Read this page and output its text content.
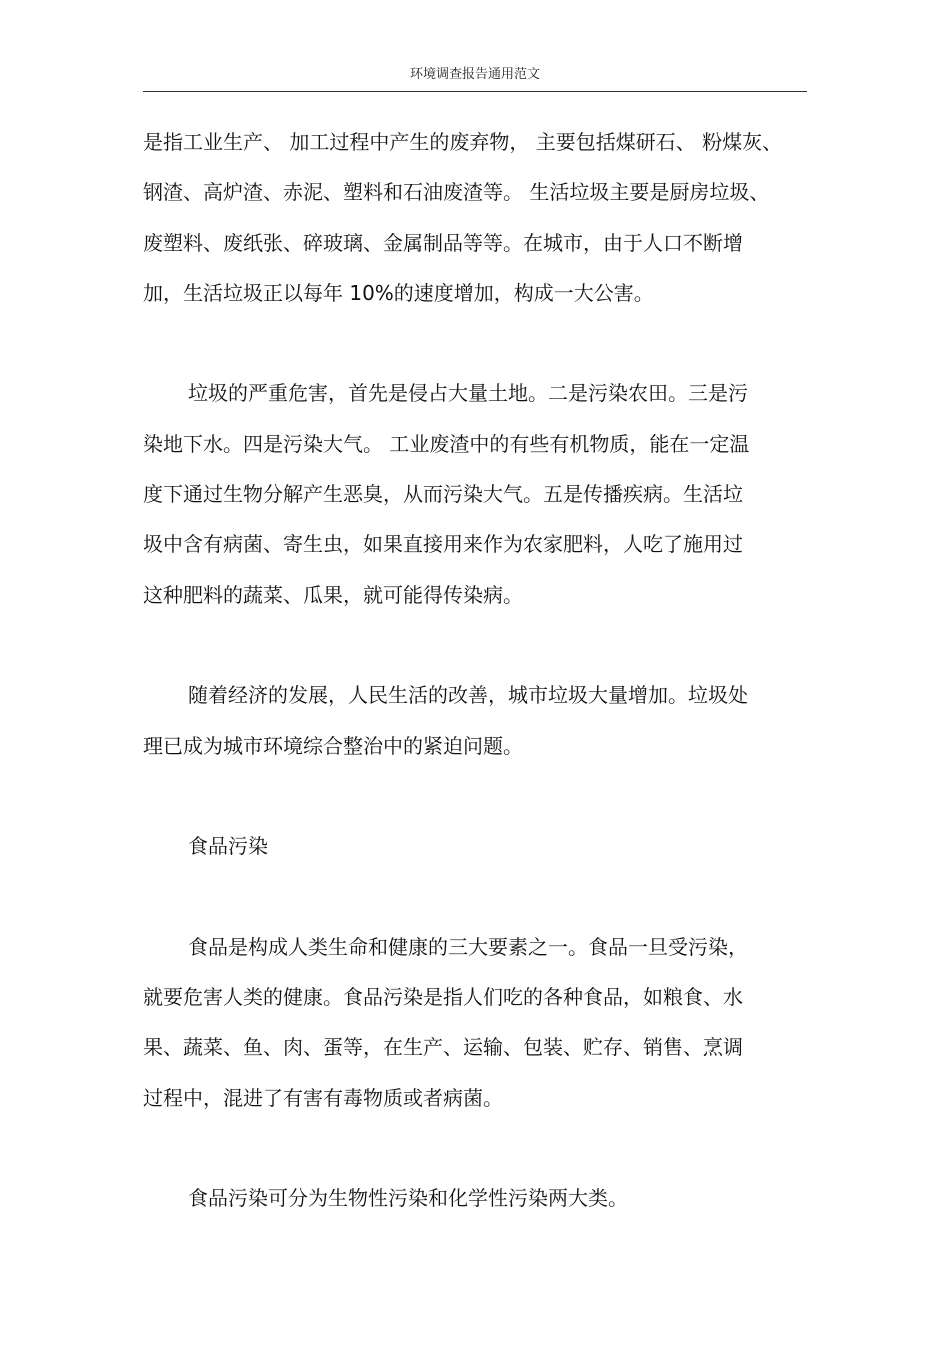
环境调查报告通用范文
是指工业生产、 加工过程中产生的废弃物， 主要包括煤研石、 粉煤灰、
钢渣、高炉渣、赤泥、塑料和石油废渣等。 生活垃圾主要是厨房垃圾、
废塑料、废纸张、碎玻璃、金属制品等等。在城市，由于人口不断增
加，生活垃圾正以每年 10%的速度增加，构成一大公害。
垃圾的严重危害，首先是侵占大量土地。二是污染农田。三是污
染地下水。四是污染大气。 工业废渣中的有些有机物质，能在一定温
度下通过生物分解产生恶臭，从而污染大气。五是传播疾病。生活垃
圾中含有病菌、寄生虫，如果直接用来作为农家肥料，人吃了施用过
这种肥料的蔬菜、瓜果，就可能得传染病。
随着经济的发展，人民生活的改善，城市垃圾大量增加。垃圾处
理已成为城市环境综合整治中的紧迫问题。
食品污染
食品是构成人类生命和健康的三大要素之一。食品一旦受污染，
就要危害人类的健康。食品污染是指人们吃的各种食品，如粮食、水
果、蔬菜、鱼、肉、蛋等，在生产、运输、包装、贮存、销售、烹调
过程中，混进了有害有毒物质或者病菌。
食品污染可分为生物性污染和化学性污染两大类。
